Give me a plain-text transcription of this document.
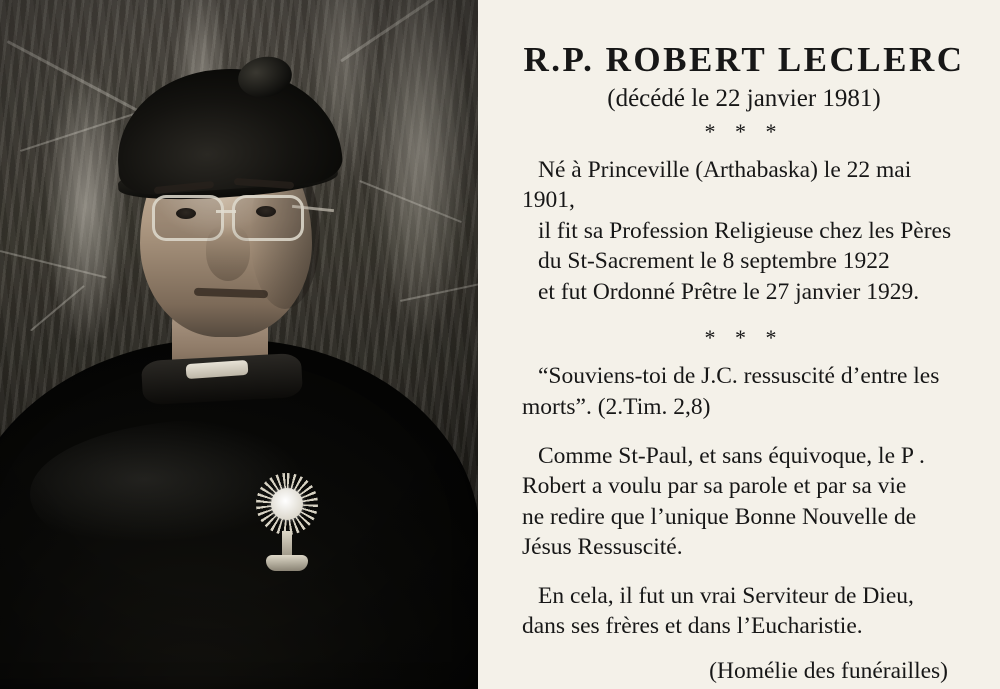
R.P. ROBERT LECLERC
(décédé le 22 janvier 1981)
* * *
Né à Princeville (Arthabaska) le 22 mai
1901,
il fit sa Profession Religieuse chez les Pères
du St-Sacrement le 8 septembre 1922
et fut Ordonné Prêtre le 27 janvier 1929.
* * *
“Souviens-toi de J.C. ressuscité d’entre les
morts”. (2.Tim. 2,8)
Comme St-Paul, et sans équivoque, le P .
Robert a voulu par sa parole et par sa vie
ne redire que l’unique Bonne Nouvelle de
Jésus Ressuscité.
En cela, il fut un vrai Serviteur de Dieu,
dans ses frères et dans l’Eucharistie.
(Homélie des funérailles)
